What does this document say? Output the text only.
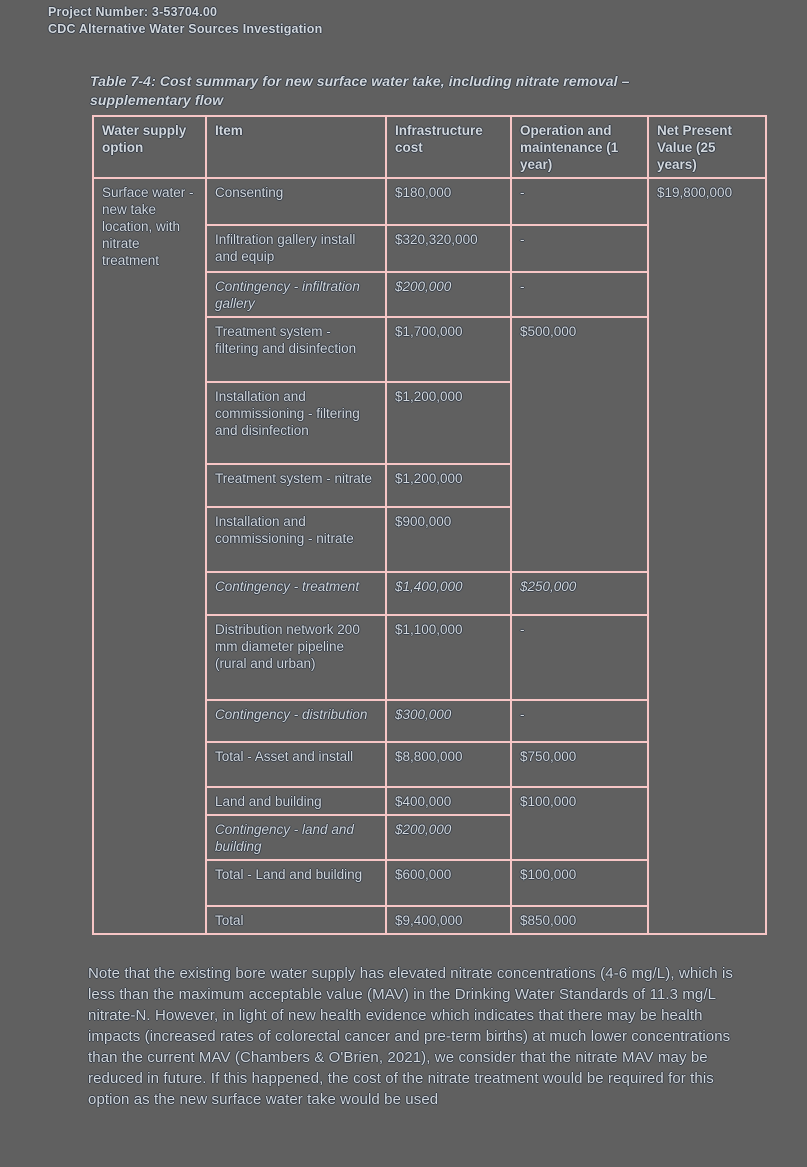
Project Number: 3-53704.00
CDC Alternative Water Sources Investigation
Table 7-4: Cost summary for new surface water take, including nitrate removal – supplementary flow
Water supply option	Item	Infrastructure cost	Operation and maintenance (1 year)	Net Present Value (25 years)
Surface water - new take location, with nitrate treatment	Consenting	$180,000	-	$19,800,000
	Infiltration gallery install and equip	$320,320,000	-	
	Contingency - infiltration gallery	$200,000	-	
	Treatment system - filtering and disinfection	$1,700,000	$500,000	
	Installation and commissioning - filtering and disinfection	$1,200,000		
	Treatment system - nitrate	$1,200,000		
	Installation and commissioning - nitrate	$900,000		
	Contingency - treatment	$1,400,000	$250,000	
	Distribution network 200 mm diameter pipeline (rural and urban)	$1,100,000	-	
	Contingency - distribution	$300,000	-	
	Total - Asset and install	$8,800,000	$750,000	
	Land and building	$400,000	$100,000	
	Contingency - land and building	$200,000		
	Total - Land and building	$600,000	$100,000	
	Total	$9,400,000	$850,000	
Note that the existing bore water supply has elevated nitrate concentrations (4-6 mg/L), which is less than the maximum acceptable value (MAV) in the Drinking Water Standards of 11.3 mg/L nitrate-N. However, in light of new health evidence which indicates that there may be health impacts (increased rates of colorectal cancer and pre-term births) at much lower concentrations than the current MAV (Chambers & O'Brien, 2021), we consider that the nitrate MAV may be reduced in future. If this happened, the cost of the nitrate treatment would be required for this option as the new surface water take would be used
